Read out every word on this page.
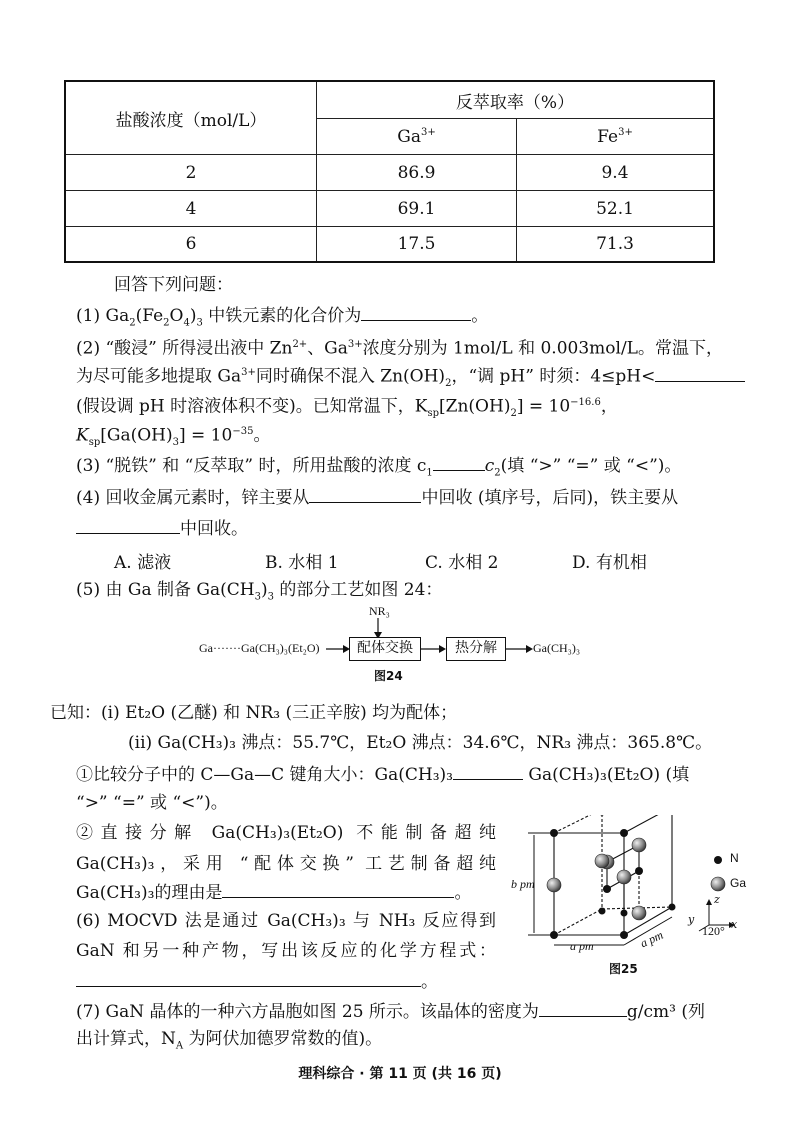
盐酸浓度（mol/L）
反萃取率（%）
$Ga^{3+}$	$Fe^{3+}$
2	86.9	9.4
4	69.1	52.1
6	17.5	71.3
回答下列问题：
(1) $Ga_2(Fe_2O_4)_3$ 中铁元素的化合价为	。
(2) “酸浸” 所得浸出液中 $Zn^{2+}$、$Ga^{3+}$浓度分别为 1mol/L 和 0.003mol/L。常温下，
为尽可能多地提取 $Ga^{3+}$同时确保不混入 $Zn(OH)_2$，“调 pH” 时须：4≤pH<
(假设调 pH 时溶液体积不变)。已知常温下，$K_{sp}[Zn(OH)_2] = 10^{-16.6}$，
$K_{sp}[Ga(OH)_3] = 10^{-35}$。
(3) “脱铁” 和 “反萃取” 时，所用盐酸的浓度 $c_1$	$c_2$(填 “>” “=” 或 “<”)。
(4) 回收金属元素时，锌主要从	中回收 (填序号，后同)，铁主要从
中回收。
A. 滤液	B. 水相 1	C. 水相 2	D. 有机相
(5) 由 Ga 制备 $Ga(CH_3)_3$ 的部分工艺如图 24：
NR₃
Ga·······Ga(CH₃)₃(Et₂O)	配体交换	热分解	Ga(CH₃)₃
图24
已知：(i) Et₂O (乙醚) 和 NR₃ (三正辛胺) 均为配体；
(ii) Ga(CH₃)₃ 沸点：55.7℃，Et₂O 沸点：34.6℃，NR₃ 沸点：365.8℃。
①比较分子中的 C—Ga—C 键角大小：Ga(CH₃)₃	Ga(CH₃)₃(Et₂O) (填
“>” “=” 或 “<”)。
②直接分解 Ga(CH₃)₃(Et₂O) 不能制备超纯
Ga(CH₃)₃，采用 “配体交换” 工艺制备超纯
Ga(CH₃)₃的理由是	。
(6) MOCVD 法是通过 Ga(CH₃)₃ 与 NH₃ 反应得到
GaN 和另一种产物，写出该反应的化学方程式：
。
(7) GaN 晶体的一种六方晶胞如图 25 所示。该晶体的密度为	g/cm³ (列
出计算式，$N_A$ 为阿伏加德罗常数的值)。
N
Ga
b pm
a pm	a pm	120° x
y
z
图25
理科综合 · 第 11 页 (共 16 页)
